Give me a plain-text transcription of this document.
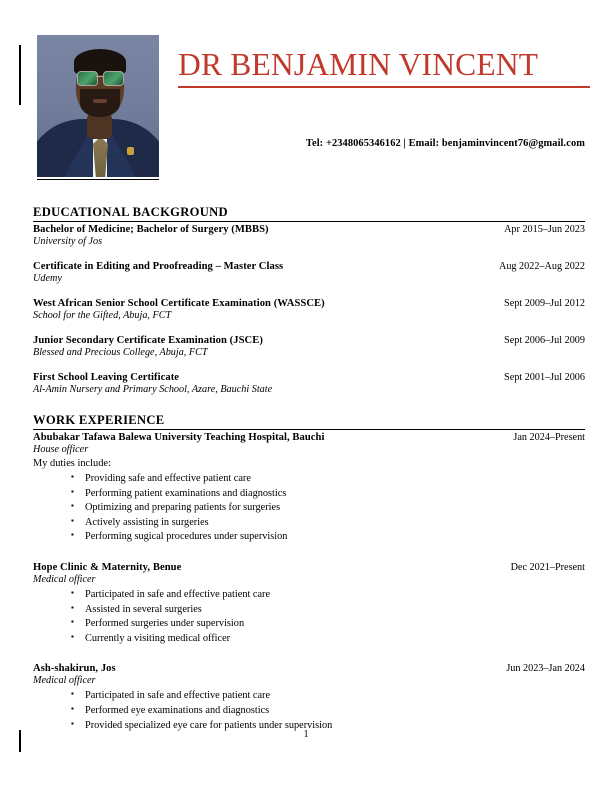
DR BENJAMIN VINCENT
Tel: +2348065346162 | Email: benjaminvincent76@gmail.com
EDUCATIONAL BACKGROUND
Bachelor of Medicine; Bachelor of Surgery (MBBS)	Apr 2015–Jun 2023
University of Jos
Certificate in Editing and Proofreading – Master Class	Aug 2022–Aug 2022
Udemy
West African Senior School Certificate Examination (WASSCE)	Sept 2009–Jul 2012
School for the Gifted, Abuja, FCT
Junior Secondary Certificate Examination (JSCE)	Sept 2006–Jul 2009
Blessed and Precious College, Abuja, FCT
First School Leaving Certificate	Sept 2001–Jul 2006
Al-Amin Nursery and Primary School, Azare, Bauchi State
WORK EXPERIENCE
Abubakar Tafawa Balewa University Teaching Hospital, Bauchi	Jan 2024–Present
House officer
My duties include:
▪ Providing safe and effective patient care
▪ Performing patient examinations and diagnostics
▪ Optimizing and preparing patients for surgeries
▪ Actively assisting in surgeries
▪ Performing sugical procedures under supervision
Hope Clinic & Maternity, Benue	Dec 2021–Present
Medical officer
▪ Participated in safe and effective patient care
▪ Assisted in several surgeries
▪ Performed surgeries under supervision
▪ Currently a visiting medical officer
Ash-shakirun, Jos	Jun 2023–Jan 2024
Medical officer
▪ Participated in safe and effective patient care
▪ Performed eye examinations and diagnostics
▪ Provided specialized eye care for patients under supervision
1
